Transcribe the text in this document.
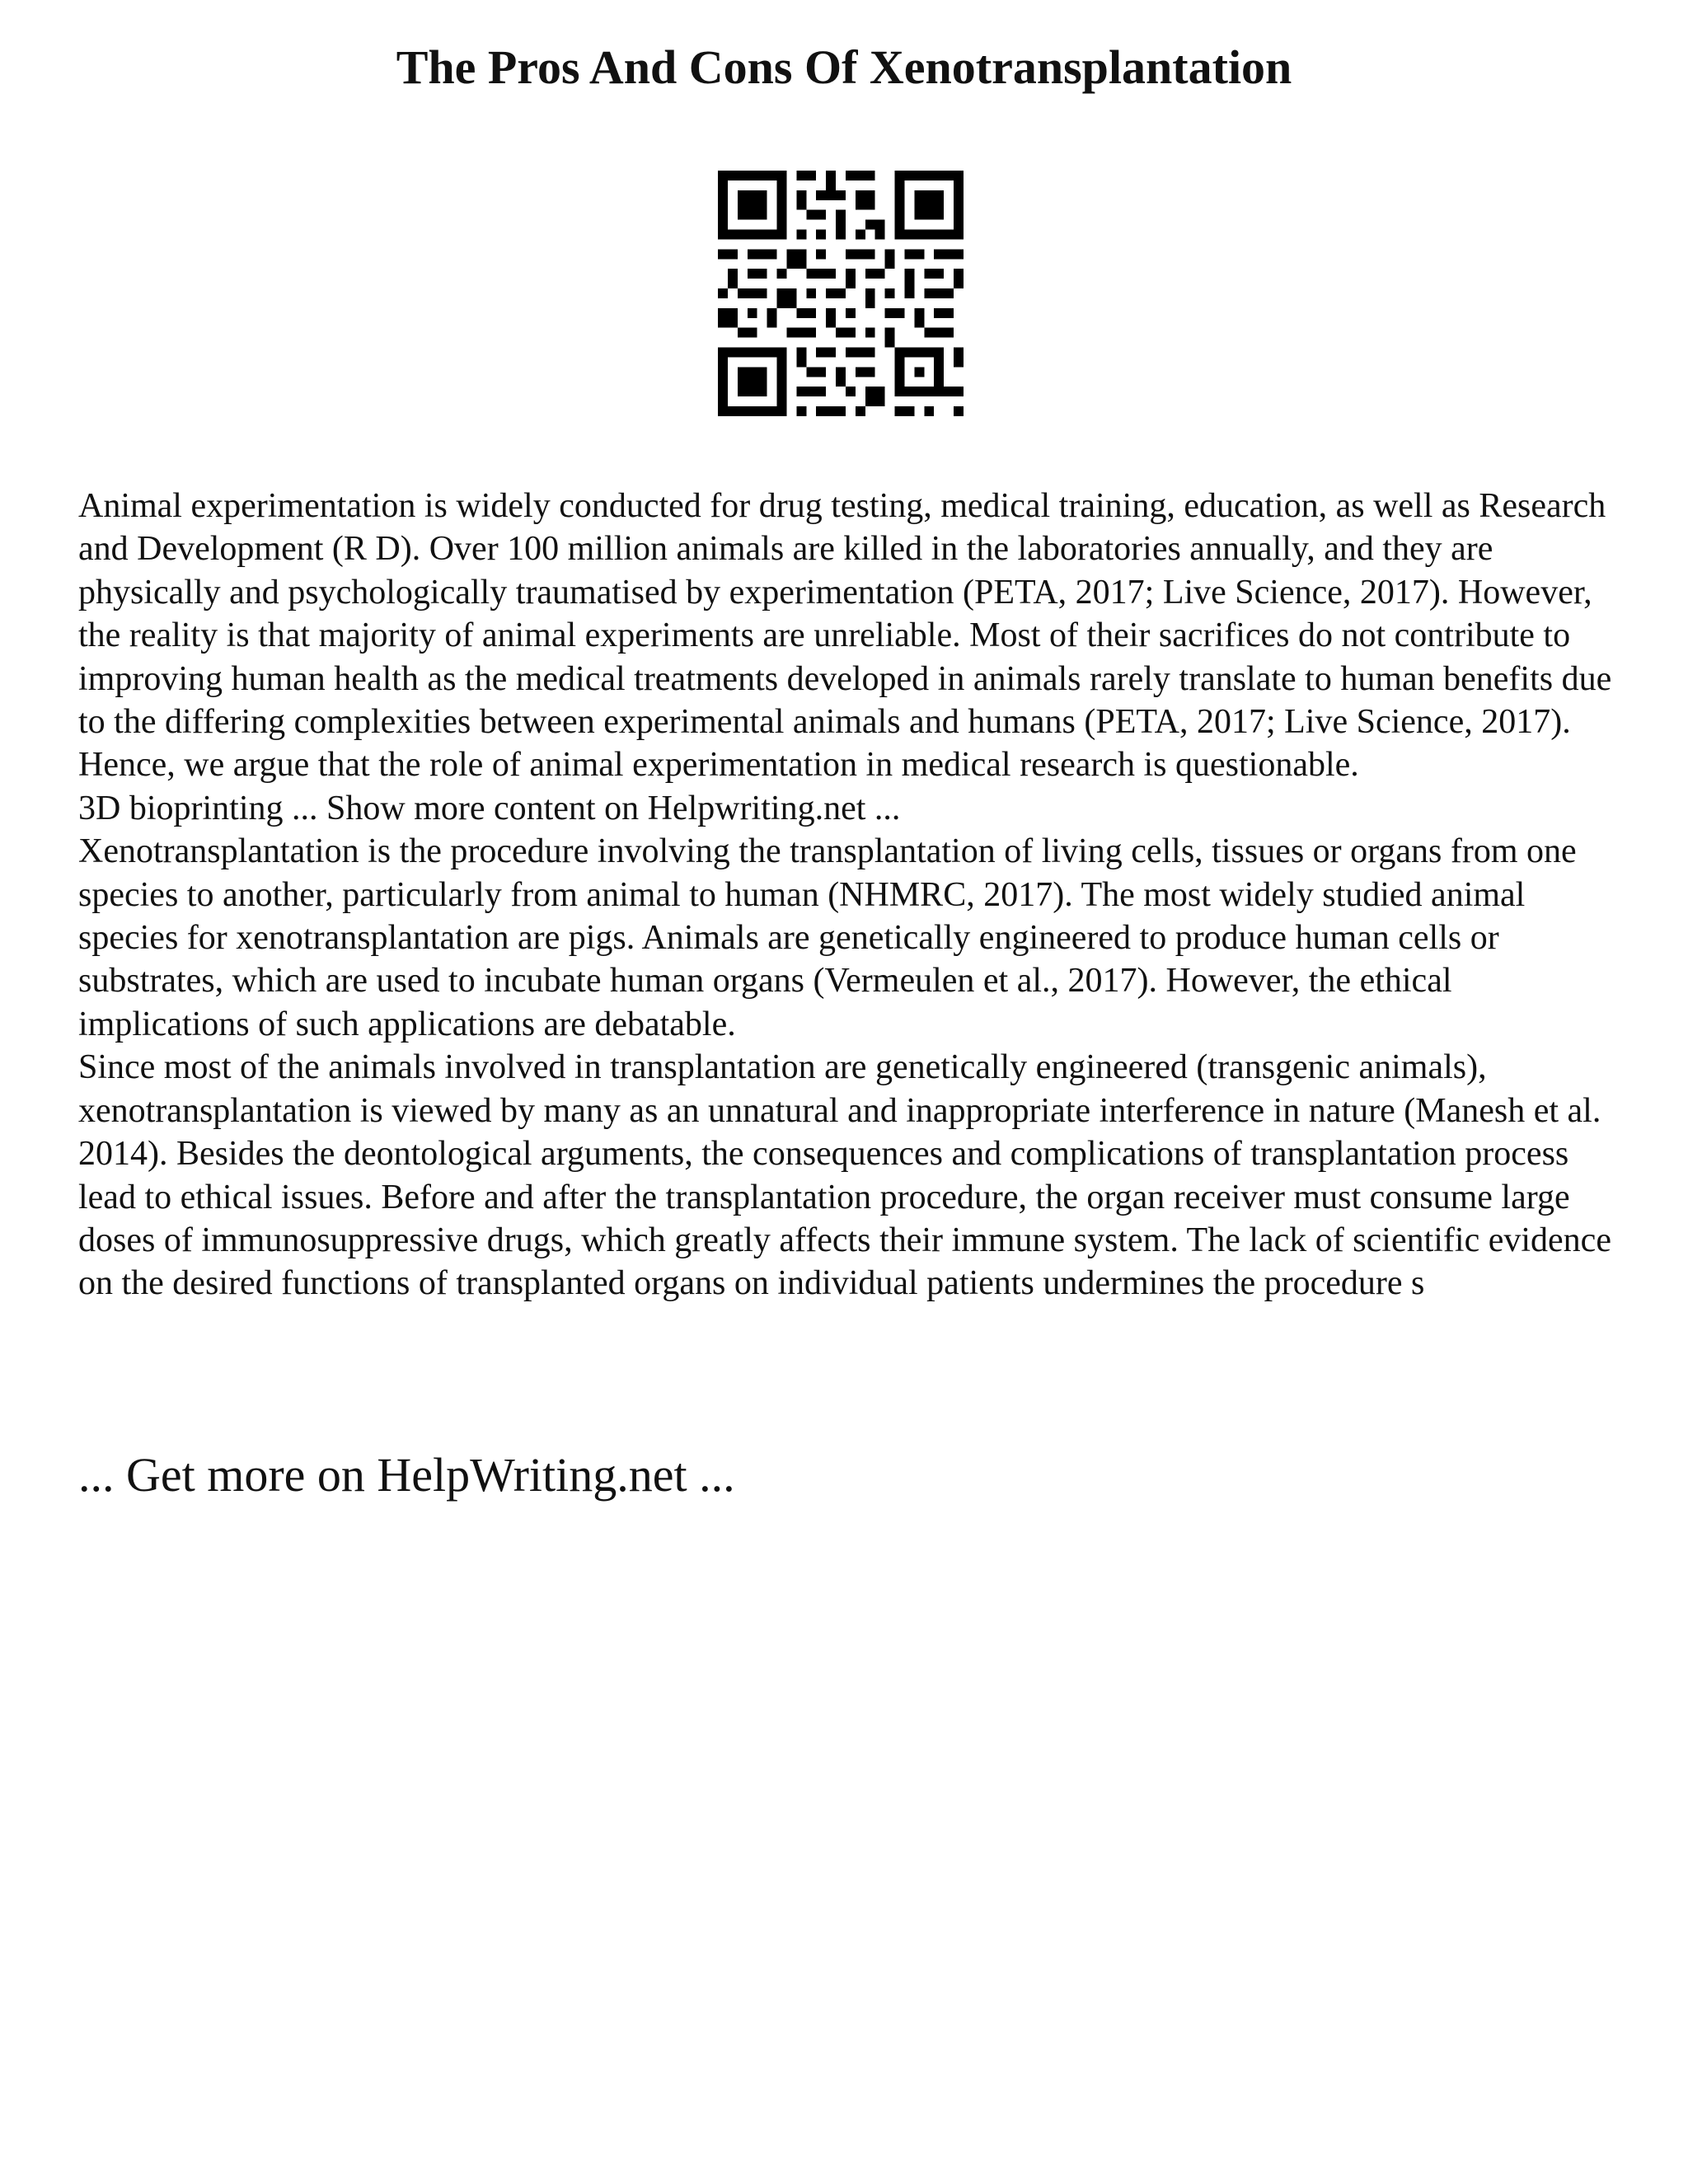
The Pros And Cons Of Xenotransplantation

Animal experimentation is widely conducted for drug testing, medical training, education, as well as Research and Development (R D). Over 100 million animals are killed in the laboratories annually, and they are physically and psychologically traumatised by experimentation (PETA, 2017; Live Science, 2017). However, the reality is that majority of animal experiments are unreliable. Most of their sacrifices do not contribute to improving human health as the medical treatments developed in animals rarely translate to human benefits due to the differing complexities between experimental animals and humans (PETA, 2017; Live Science, 2017). Hence, we argue that the role of animal experimentation in medical research is questionable.

3D bioprinting ... Show more content on Helpwriting.net ...

Xenotransplantation is the procedure involving the transplantation of living cells, tissues or organs from one species to another, particularly from animal to human (NHMRC, 2017). The most widely studied animal species for xenotransplantation are pigs. Animals are genetically engineered to produce human cells or substrates, which are used to incubate human organs (Vermeulen et al., 2017). However, the ethical implications of such applications are debatable.

Since most of the animals involved in transplantation are genetically engineered (transgenic animals), xenotransplantation is viewed by many as an unnatural and inappropriate interference in nature (Manesh et al. 2014). Besides the deontological arguments, the consequences and complications of transplantation process lead to ethical issues. Before and after the transplantation procedure, the organ receiver must consume large doses of immunosuppressive drugs, which greatly affects their immune system. The lack of scientific evidence on the desired functions of transplanted organs on individual patients undermines the procedure s

... Get more on HelpWriting.net ...
